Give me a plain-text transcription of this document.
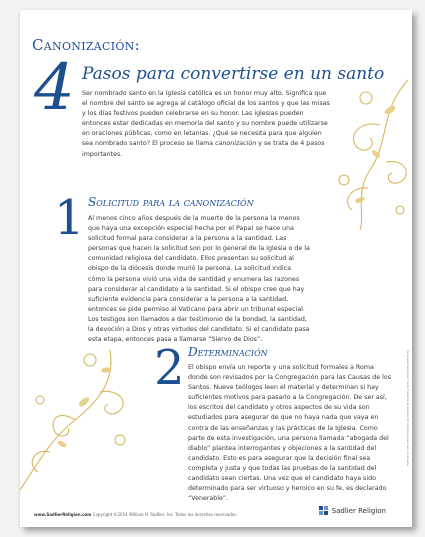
Canonización:
4 Pasos para convertirse en un santo
Ser nombrado santo en la Iglesia católica es un honor muy alto. Significa que el nombre del santo se agrega al catálogo oficial de los santos y que las misas y los días festivos pueden celebrarse en su honor. Las iglesias pueden entonces estar dedicadas en memoria del santo y su nombre puede utilizarse en oraciones públicas, como en letanías. ¿Qué se necesita para que alguien sea nombrado santo? El proceso se llama canonización y se trata de 4 pasos importantes.
1 Solicitud para la canonización
Al menos cinco años después de la muerte de la persona (a menos que haya una excepción especial hecha por el Papa) se hace una solicitud formal para considerar a la persona a la santidad. Las personas que hacen la solicitud son por lo general de la iglesia o de la comunidad religiosa del candidato. Ellos presentan su solicitud al obispo de la diócesis donde murió la persona. La solicitud indica cómo la persona vivió una vida de santidad y enumera las razones para considerar al candidato a la santidad. Si el obispo cree que hay suficiente evidencia para considerar a la persona a la santidad, entonces se pide permiso al Vaticano para abrir un tribunal especial. Los testigos son llamados a dar testimonio de la bondad, la santidad, la devoción a Dios y otras virtudes del candidato. Si el candidato pasa esta etapa, entonces pasa a llamarse “Siervo de Dios”.
2 Determinación
El obispo envía un reporte y una solicitud formales a Roma donde son revisados por la Congregación para las Causas de los Santos. Nueve teólogos leen el material y determinan si hay suficientes motivos para pasarlo a la Congregación. De ser así, los escritos del candidato y otros aspectos de su vida son estudiados para asegurar de que no haya nada que vaya en contra de las enseñanzas y las prácticas de la Iglesia. Como parte de esta investigación, una persona llamada “abogada del diablo” plantea interrogantes y objeciones a la santidad del candidato. Esto es para asegurar que la decisión final sea completa y justa y que todas las pruebas de la santidad del candidato sean ciertas. Una vez que el candidato haya sido determinado para ser virtuoso y heroico en su fe, es declarado “Venerable”.
www.SadlierReligion.com Copyright ©2014 William H. Sadlier, Inc. Todos los derechos reservados.	Sadlier Religion
Se puede reproducir este material de educación religiosa para uso en el aula
